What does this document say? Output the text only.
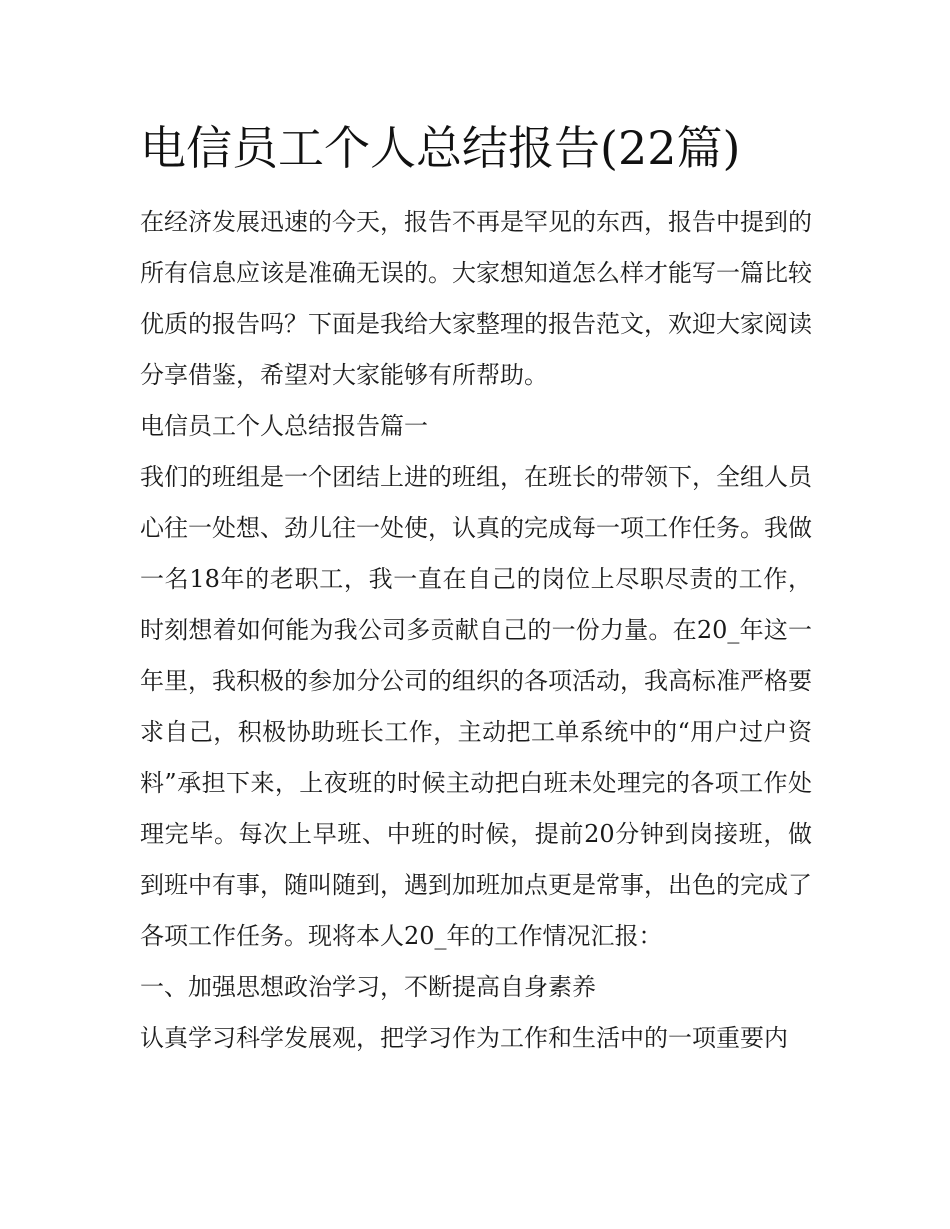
电信员工个人总结报告(22篇)

在经济发展迅速的今天，报告不再是罕见的东西，报告中提到的所有信息应该是准确无误的。大家想知道怎么样才能写一篇比较优质的报告吗？下面是我给大家整理的报告范文，欢迎大家阅读分享借鉴，希望对大家能够有所帮助。

电信员工个人总结报告篇一

我们的班组是一个团结上进的班组，在班长的带领下，全组人员心往一处想、劲儿往一处使，认真的完成每一项工作任务。我做一名18年的老职工，我一直在自己的岗位上尽职尽责的工作，时刻想着如何能为我公司多贡献自己的一份力量。在20_年这一年里，我积极的参加分公司的组织的各项活动，我高标准严格要求自己，积极协助班长工作，主动把工单系统中的“用户过户资料”承担下来，上夜班的时候主动把白班未处理完的各项工作处理完毕。每次上早班、中班的时候，提前20分钟到岗接班，做到班中有事，随叫随到，遇到加班加点更是常事，出色的完成了各项工作任务。现将本人20_年的工作情况汇报：

一、加强思想政治学习，不断提高自身素养

认真学习科学发展观，把学习作为工作和生活中的一项重要内
